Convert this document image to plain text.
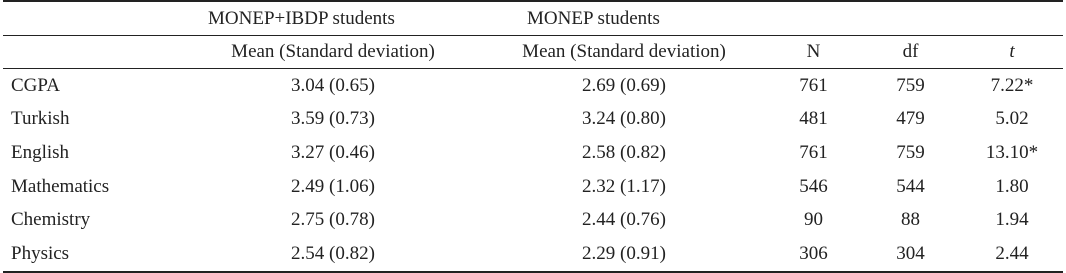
	MONEP+IBDP students	MONEP students			
	Mean (Standard deviation)	Mean (Standard deviation)	N	df	t
CGPA	3.04 (0.65)	2.69 (0.69)	761	759	7.22*
Turkish	3.59 (0.73)	3.24 (0.80)	481	479	5.02
English	3.27 (0.46)	2.58 (0.82)	761	759	13.10*
Mathematics	2.49 (1.06)	2.32 (1.17)	546	544	1.80
Chemistry	2.75 (0.78)	2.44 (0.76)	90	88	1.94
Physics	2.54 (0.82)	2.29 (0.91)	306	304	2.44
